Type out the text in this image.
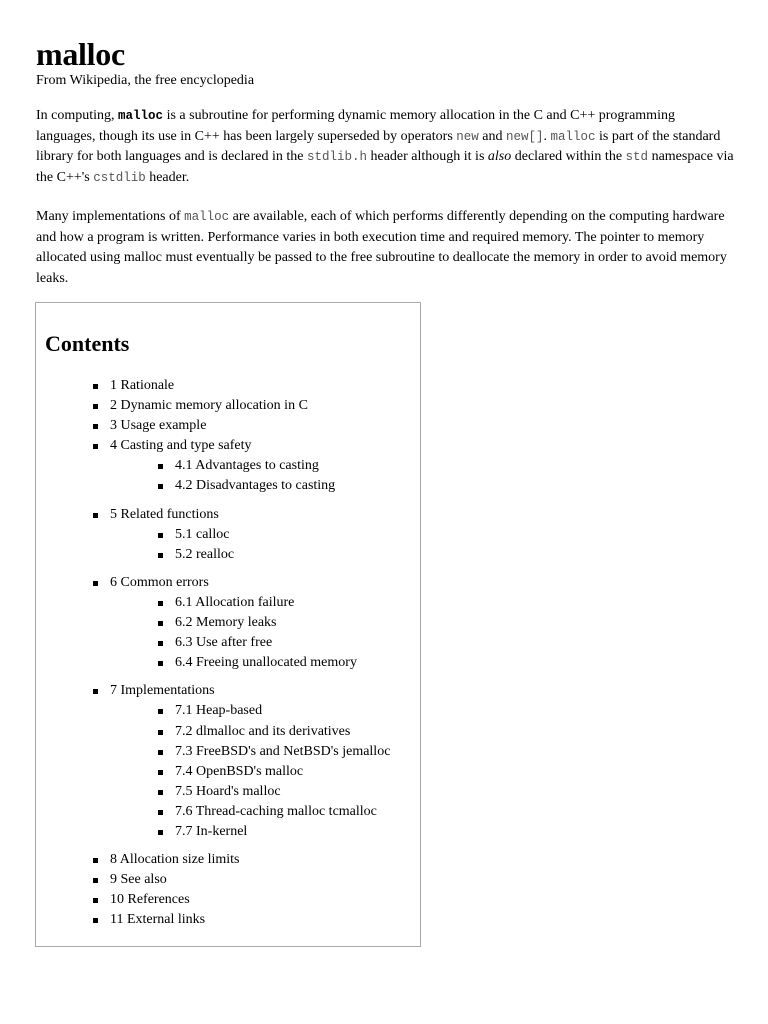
malloc
From Wikipedia, the free encyclopedia

In computing, malloc is a subroutine for performing dynamic memory allocation in the C and C++ programming languages, though its use in C++ has been largely superseded by operators new and new[]. malloc is part of the standard library for both languages and is declared in the stdlib.h header although it is also declared within the std namespace via the C++'s cstdlib header.

Many implementations of malloc are available, each of which performs differently depending on the computing hardware and how a program is written. Performance varies in both execution time and required memory. The pointer to memory allocated using malloc must eventually be passed to the free subroutine to deallocate the memory in order to avoid memory leaks.

Contents
1 Rationale
2 Dynamic memory allocation in C
3 Usage example
4 Casting and type safety
4.1 Advantages to casting
4.2 Disadvantages to casting
5 Related functions
5.1 calloc
5.2 realloc
6 Common errors
6.1 Allocation failure
6.2 Memory leaks
6.3 Use after free
6.4 Freeing unallocated memory
7 Implementations
7.1 Heap-based
7.2 dlmalloc and its derivatives
7.3 FreeBSD's and NetBSD's jemalloc
7.4 OpenBSD's malloc
7.5 Hoard's malloc
7.6 Thread-caching malloc tcmalloc
7.7 In-kernel
8 Allocation size limits
9 See also
10 References
11 External links
